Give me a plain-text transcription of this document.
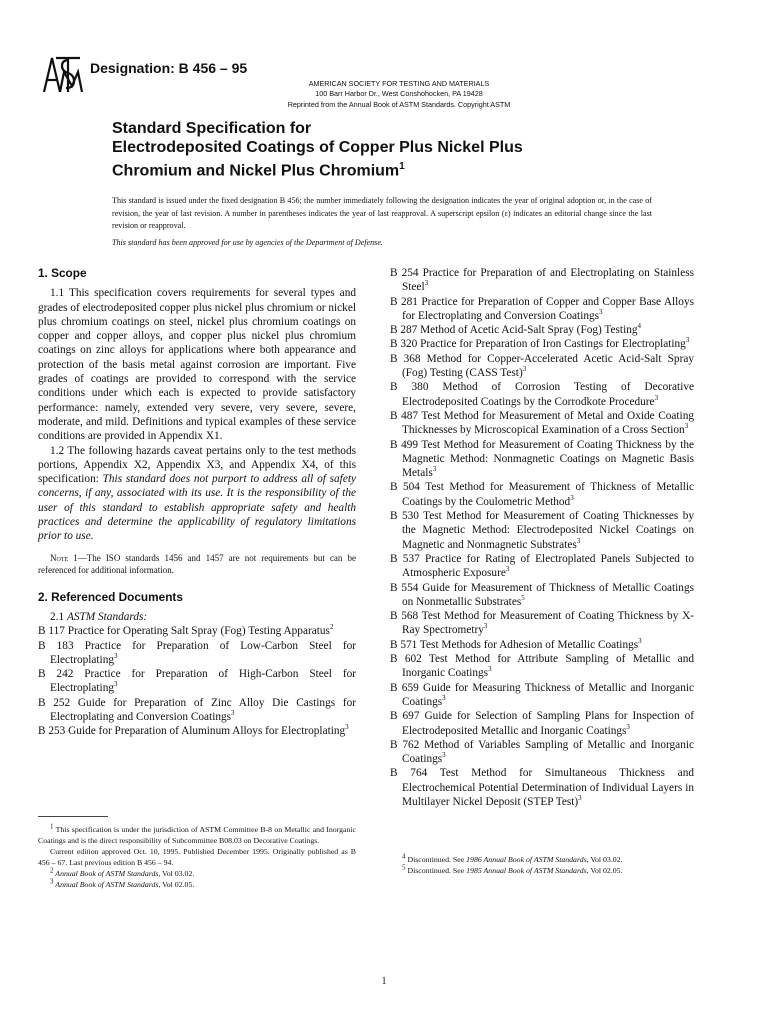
Designation: B 456 – 95
AMERICAN SOCIETY FOR TESTING AND MATERIALS
100 Barr Harbor Dr., West Conshohocken, PA 19428
Reprinted from the Annual Book of ASTM Standards. Copyright ASTM
Standard Specification for
Electrodeposited Coatings of Copper Plus Nickel Plus
Chromium and Nickel Plus Chromium$^1$
This standard is issued under the fixed designation B 456; the number immediately following the designation indicates the year of original adoption or, in the case of revision, the year of last revision. A number in parentheses indicates the year of last reapproval. A superscript epsilon (ε) indicates an editorial change since the last revision or reapproval.
This standard has been approved for use by agencies of the Department of Defense.
1. Scope

1.1 This specification covers requirements for several types and grades of electrodeposited copper plus nickel plus chromium or nickel plus chromium coatings on steel, nickel plus chromium coatings on copper and copper alloys, and copper plus nickel plus chromium coatings on zinc alloys for applications where both appearance and protection of the basis metal against corrosion are important. Five grades of coatings are provided to correspond with the service conditions under which each is expected to provide satisfactory performance: namely, extended very severe, very severe, severe, moderate, and mild. Definitions and typical examples of these service conditions are provided in Appendix X1.

1.2 The following hazards caveat pertains only to the test methods portions, Appendix X2, Appendix X3, and Appendix X4, of this specification: This standard does not purport to address all of safety concerns, if any, associated with its use. It is the responsibility of the user of this standard to establish appropriate safety and health practices and determine the applicability of regulatory limitations prior to use.

Note 1—The ISO standards 1456 and 1457 are not requirements but can be referenced for additional information.
2. Referenced Documents
2.1 ASTM Standards:
B 117 Practice for Operating Salt Spray (Fog) Testing Apparatus$^2$
B 183 Practice for Preparation of Low-Carbon Steel for Electroplating$^3$
B 242 Practice for Preparation of High-Carbon Steel for Electroplating$^3$
B 252 Guide for Preparation of Zinc Alloy Die Castings for Electroplating and Conversion Coatings$^3$
B 253 Guide for Preparation of Aluminum Alloys for Electroplating$^3$
B 254 Practice for Preparation of and Electroplating on Stainless Steel$^3$
B 281 Practice for Preparation of Copper and Copper Base Alloys for Electroplating and Conversion Coatings$^3$
B 287 Method of Acetic Acid-Salt Spray (Fog) Testing$^4$
B 320 Practice for Preparation of Iron Castings for Electroplating$^3$
B 368 Method for Copper-Accelerated Acetic Acid-Salt Spray (Fog) Testing (CASS Test)$^3$
B 380 Method of Corrosion Testing of Decorative Electrodeposited Coatings by the Corrodkote Procedure$^3$
B 487 Test Method for Measurement of Metal and Oxide Coating Thicknesses by Microscopical Examination of a Cross Section$^3$
B 499 Test Method for Measurement of Coating Thickness by the Magnetic Method: Nonmagnetic Coatings on Magnetic Basis Metals$^3$
B 504 Test Method for Measurement of Thickness of Metallic Coatings by the Coulometric Method$^3$
B 530 Test Method for Measurement of Coating Thicknesses by the Magnetic Method: Electrodeposited Nickel Coatings on Magnetic and Nonmagnetic Substrates$^3$
B 537 Practice for Rating of Electroplated Panels Subjected to Atmospheric Exposure$^3$
B 554 Guide for Measurement of Thickness of Metallic Coatings on Nonmetallic Substrates$^5$
B 568 Test Method for Measurement of Coating Thickness by X-Ray Spectrometry$^3$
B 571 Test Methods for Adhesion of Metallic Coatings$^3$
B 602 Test Method for Attribute Sampling of Metallic and Inorganic Coatings$^3$
B 659 Guide for Measuring Thickness of Metallic and Inorganic Coatings$^3$
B 697 Guide for Selection of Sampling Plans for Inspection of Electrodeposited Metallic and Inorganic Coatings$^3$
B 762 Method of Variables Sampling of Metallic and Inorganic Coatings$^3$
B 764 Test Method for Simultaneous Thickness and Electrochemical Potential Determination of Individual Layers in Multilayer Nickel Deposit (STEP Test)$^3$
$^1$ This specification is under the jurisdiction of ASTM Committee B-8 on Metallic and Inorganic Coatings and is the direct responsibility of Subcommittee B08.03 on Decorative Coatings.
Current edition approved Oct. 10, 1995. Published December 1995. Originally published as B 456 – 67. Last previous edition B 456 – 94.
$^2$ Annual Book of ASTM Standards, Vol 03.02.
$^3$ Annual Book of ASTM Standards, Vol 02.05.
$^4$ Discontinued. See 1986 Annual Book of ASTM Standards, Vol 03.02.
$^5$ Discontinued. See 1985 Annual Book of ASTM Standards, Vol 02.05.
1
